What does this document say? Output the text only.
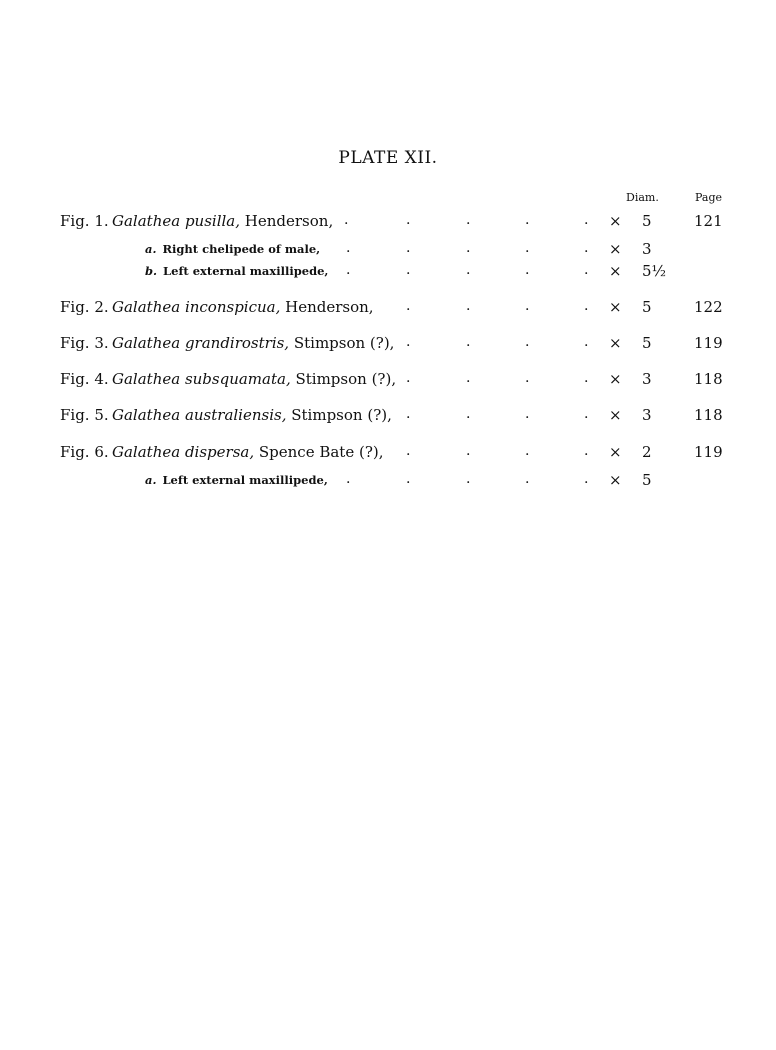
PLATE XII.
Diam.	Page
Fig. 1. Galathea pusilla, Henderson, .	.	.	.	. × 5	121
a. Right chelipede of male, .	.	.	.	. × 3
b. Left external maxillipede, .	.	.	.	. × 5½
Fig. 2. Galathea inconspicua, Henderson, .	.	.	. × 5	122
Fig. 3. Galathea grandirostris, Stimpson (?), .	.	.	. × 5	119
Fig. 4. Galathea subsquamata, Stimpson (?), .	.	.	. × 3	118
Fig. 5. Galathea australiensis, Stimpson (?), .	.	.	. × 3	118
Fig. 6. Galathea dispersa, Spence Bate (?), .	.	.	. × 2	119
a. Left external maxillipede, .	.	.	.	. × 5
